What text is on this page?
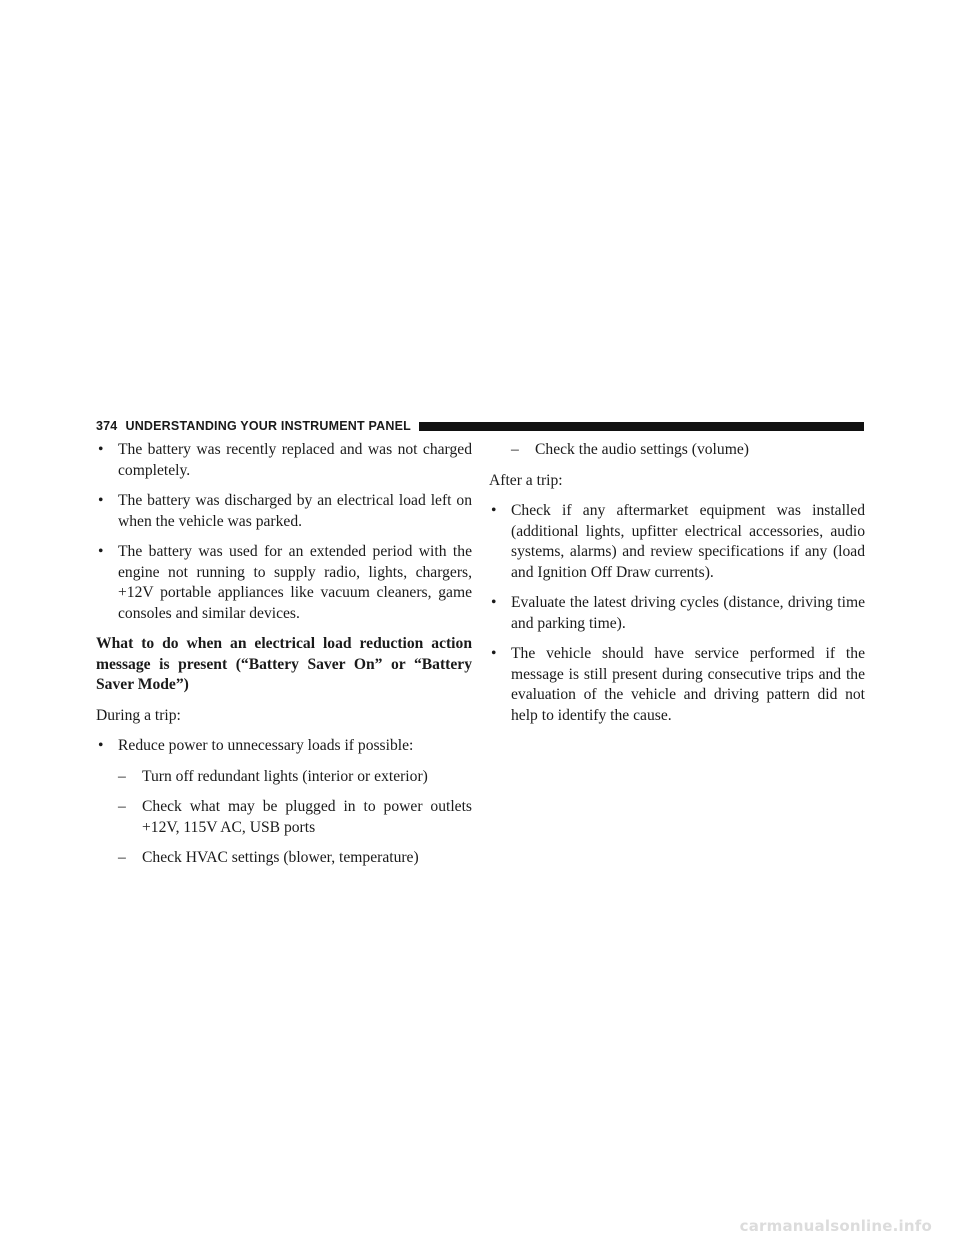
374 UNDERSTANDING YOUR INSTRUMENT PANEL
• The battery was recently replaced and was not charged completely.
• The battery was discharged by an electrical load left on when the vehicle was parked.
• The battery was used for an extended period with the engine not running to supply radio, lights, chargers, +12V portable appliances like vacuum cleaners, game consoles and similar devices.
What to do when an electrical load reduction action message is present (“Battery Saver On” or “Battery Saver Mode”)
During a trip:
• Reduce power to unnecessary loads if possible:
– Turn off redundant lights (interior or exterior)
– Check what may be plugged in to power outlets +12V, 115V AC, USB ports
– Check HVAC settings (blower, temperature)
– Check the audio settings (volume)
After a trip:
• Check if any aftermarket equipment was installed (additional lights, upfitter electrical accessories, audio systems, alarms) and review specifications if any (load and Ignition Off Draw currents).
• Evaluate the latest driving cycles (distance, driving time and parking time).
• The vehicle should have service performed if the message is still present during consecutive trips and the evaluation of the vehicle and driving pattern did not help to identify the cause.
carmanualsonline.info
